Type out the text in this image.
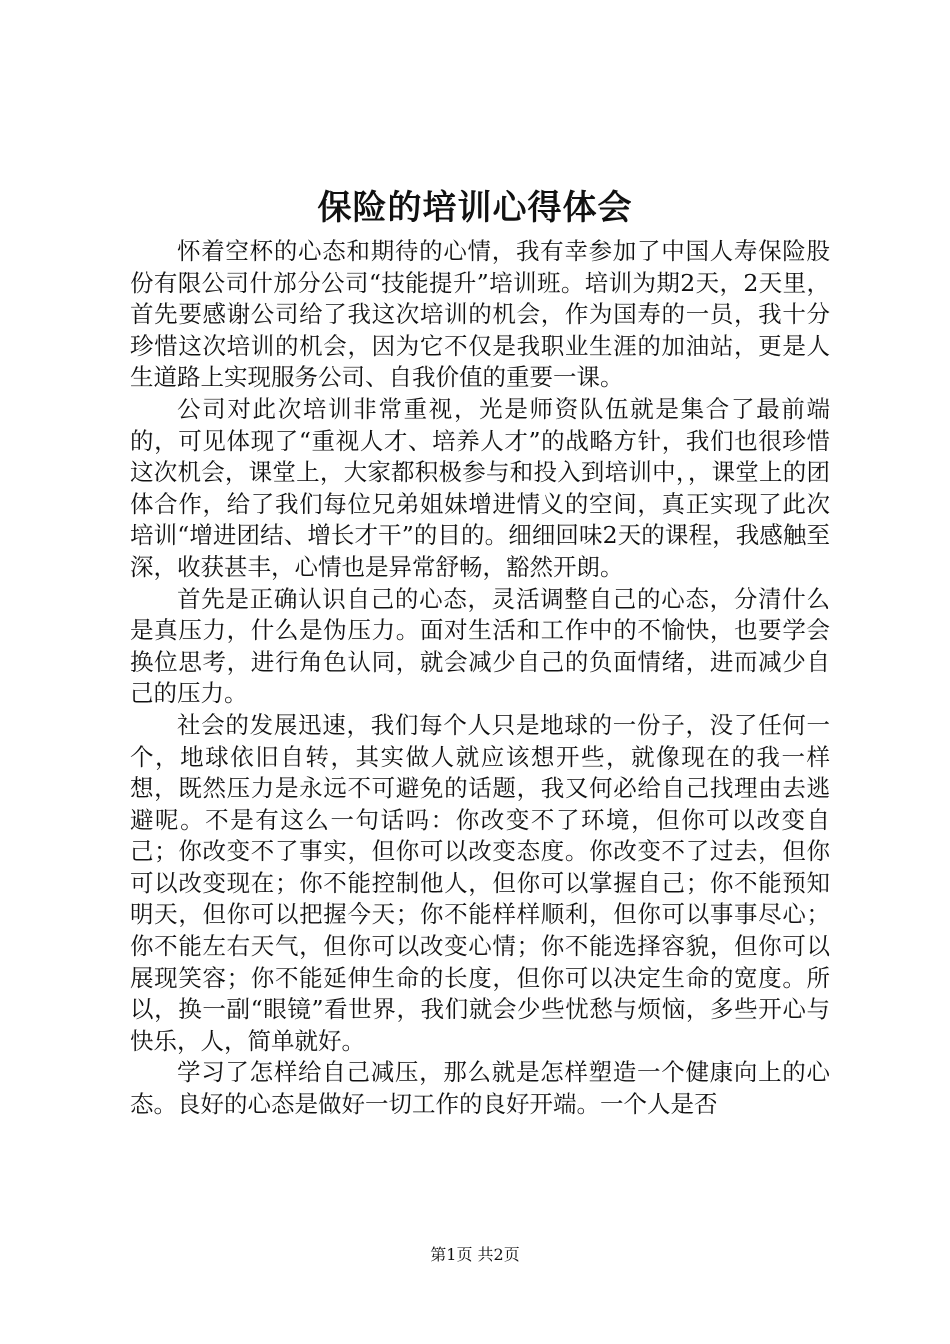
保险的培训心得体会

怀着空杯的心态和期待的心情，我有幸参加了中国人寿保险股份有限公司什邡分公司“技能提升”培训班。培训为期2天，2天里，首先要感谢公司给了我这次培训的机会，作为国寿的一员，我十分珍惜这次培训的机会，因为它不仅是我职业生涯的加油站，更是人生道路上实现服务公司、自我价值的重要一课。

公司对此次培训非常重视，光是师资队伍就是集合了最前端的，可见体现了“重视人才、培养人才”的战略方针，我们也很珍惜这次机会，课堂上，大家都积极参与和投入到培训中，，课堂上的团体合作，给了我们每位兄弟姐妹增进情义的空间，真正实现了此次培训“增进团结、增长才干”的目的。细细回味2天的课程，我感触至深，收获甚丰，心情也是异常舒畅，豁然开朗。

首先是正确认识自己的心态，灵活调整自己的心态，分清什么是真压力，什么是伪压力。面对生活和工作中的不愉快，也要学会换位思考，进行角色认同，就会减少自己的负面情绪，进而减少自己的压力。

社会的发展迅速，我们每个人只是地球的一份子，没了任何一个，地球依旧自转，其实做人就应该想开些，就像现在的我一样想，既然压力是永远不可避免的话题，我又何必给自己找理由去逃避呢。不是有这么一句话吗：你改变不了环境，但你可以改变自己；你改变不了事实，但你可以改变态度。你改变不了过去，但你可以改变现在；你不能控制他人，但你可以掌握自己；你不能预知明天，但你可以把握今天；你不能样样顺利，但你可以事事尽心；你不能左右天气，但你可以改变心情；你不能选择容貌，但你可以展现笑容；你不能延伸生命的长度，但你可以决定生命的宽度。所以，换一副“眼镜”看世界，我们就会少些忧愁与烦恼，多些开心与快乐，人，简单就好。

学习了怎样给自己减压，那么就是怎样塑造一个健康向上的心态。良好的心态是做好一切工作的良好开端。一个人是否

第1页 共2页
